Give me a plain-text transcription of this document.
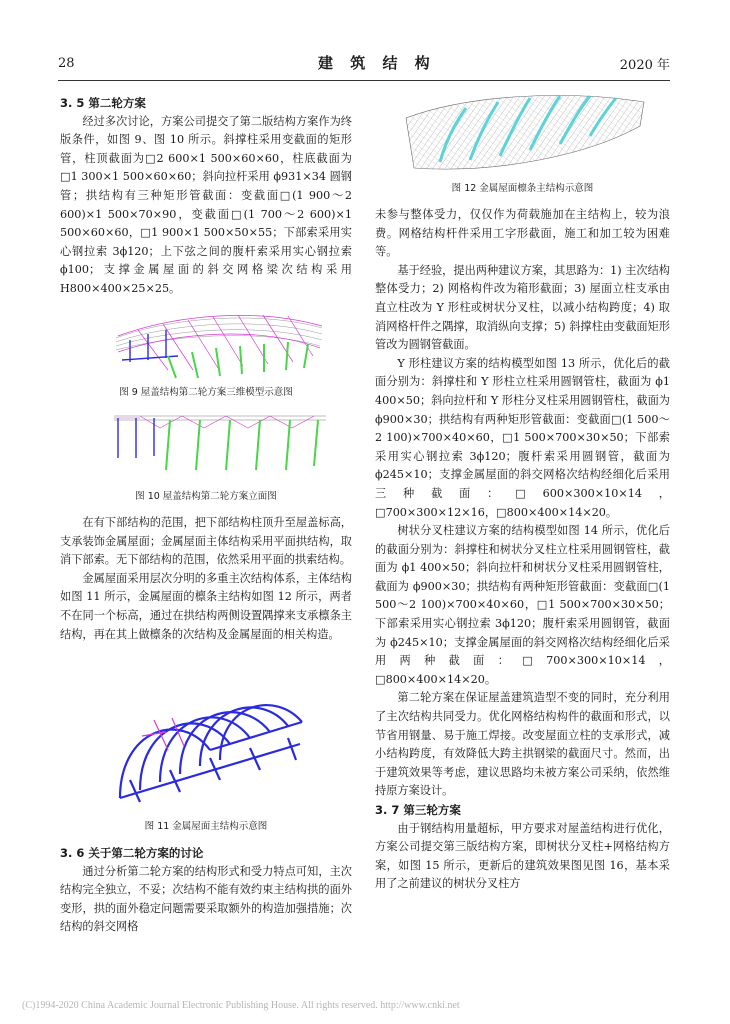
28	建 筑 结 构	2020 年
3. 5 第二轮方案

经过多次讨论，方案公司提交了第二版结构方案作为终版条件，如图 9、图 10 所示。斜撑柱采用变截面的矩形管，柱顶截面为□2 600×1 500×60×60，柱底截面为□1 300×1 500×60×60；斜向拉杆采用 ϕ931×34 圆钢管；拱结构有三种矩形管截面：变截面□(1 900～2 600)×1 500×70×90，变截面□(1 700～2 600)×1 500×60×60，□1 900×1 500×50×55；下部索采用实心钢拉索 3ϕ120；上下弦之间的腹杆索采用实心钢拉索 ϕ100；支撑金属屋面的斜交网格梁次结构采用 H800×400×25×25。

图 9 屋盖结构第二轮方案三维模型示意图
图 10 屋盖结构第二轮方案立面图

在有下部结构的范围，把下部结构柱顶升至屋盖标高，支承装饰金属屋面；金属屋面主体结构采用平面拱结构，取消下部索。无下部结构的范围，依然采用平面的拱索结构。

金属屋面采用层次分明的多重主次结构体系，主体结构如图 11 所示，金属屋面的檩条主结构如图 12 所示，两者不在同一个标高，通过在拱结构两侧设置隅撑来支承檩条主结构，再在其上做檩条的次结构及金属屋面的相关构造。

图 11 金属屋面主结构示意图
3. 6 关于第二轮方案的讨论

通过分析第二轮方案的结构形式和受力特点可知，主次结构完全独立，不妥；次结构不能有效约束主结构拱的面外变形，拱的面外稳定问题需要采取额外的构造加强措施；次结构的斜交网格

图 12 金属屋面檩条主结构示意图

未参与整体受力，仅仅作为荷载施加在主结构上，较为浪费。网格结构杆件采用工字形截面，施工和加工较为困难等。

基于经验，提出两种建议方案，其思路为：1) 主次结构整体受力；2) 网格构件改为箱形截面；3) 屋面立柱支承由直立柱改为 Y 形柱或树状分叉柱，以减小结构跨度；4) 取消网格杆件之隅撑，取消纵向支撑；5) 斜撑柱由变截面矩形管改为圆钢管截面。

Y 形柱建议方案的结构模型如图 13 所示，优化后的截面分别为：斜撑柱和 Y 形柱立柱采用圆钢管柱，截面为 ϕ1 400×50；斜向拉杆和 Y 形柱分叉柱采用圆钢管柱，截面为 ϕ900×30；拱结构有两种矩形管截面：变截面□(1 500～2 100)×700×40×60，□1 500×700×30×50；下部索采用实心钢拉索 3ϕ120；腹杆索采用圆钢管，截面为 ϕ245×10；支撑金属屋面的斜交网格次结构经细化后采用三种截面：□600×300×10×14，□700×300×12×16，□800×400×14×20。

树状分叉柱建议方案的结构模型如图 14 所示，优化后的截面分别为：斜撑柱和树状分叉柱立柱采用圆钢管柱，截面为 ϕ1 400×50；斜向拉杆和树状分叉柱采用圆钢管柱，截面为 ϕ900×30；拱结构有两种矩形管截面：变截面□(1 500～2 100)×700×40×60，□1 500×700×30×50；下部索采用实心钢拉索 3ϕ120；腹杆索采用圆钢管，截面为 ϕ245×10；支撑金属屋面的斜交网格次结构经细化后采用两种截面：□700×300×10×14，□800×400×14×20。

第二轮方案在保证屋盖建筑造型不变的同时，充分利用了主次结构共同受力。优化网格结构构件的截面和形式，以节省用钢量、易于施工焊接。改变屋面立柱的支承形式，减小结构跨度，有效降低大跨主拱钢梁的截面尺寸。然而，出于建筑效果等考虑，建议思路均未被方案公司采纳，依然维持原方案设计。

3. 7 第三轮方案

由于钢结构用量超标，甲方要求对屋盖结构进行优化，方案公司提交第三版结构方案，即树状分叉柱+网格结构方案，如图 15 所示，更新后的建筑效果图见图 16，基本采用了之前建议的树状分叉柱方

(C)1994-2020 China Academic Journal Electronic Publishing House. All rights reserved. http://www.cnki.net
